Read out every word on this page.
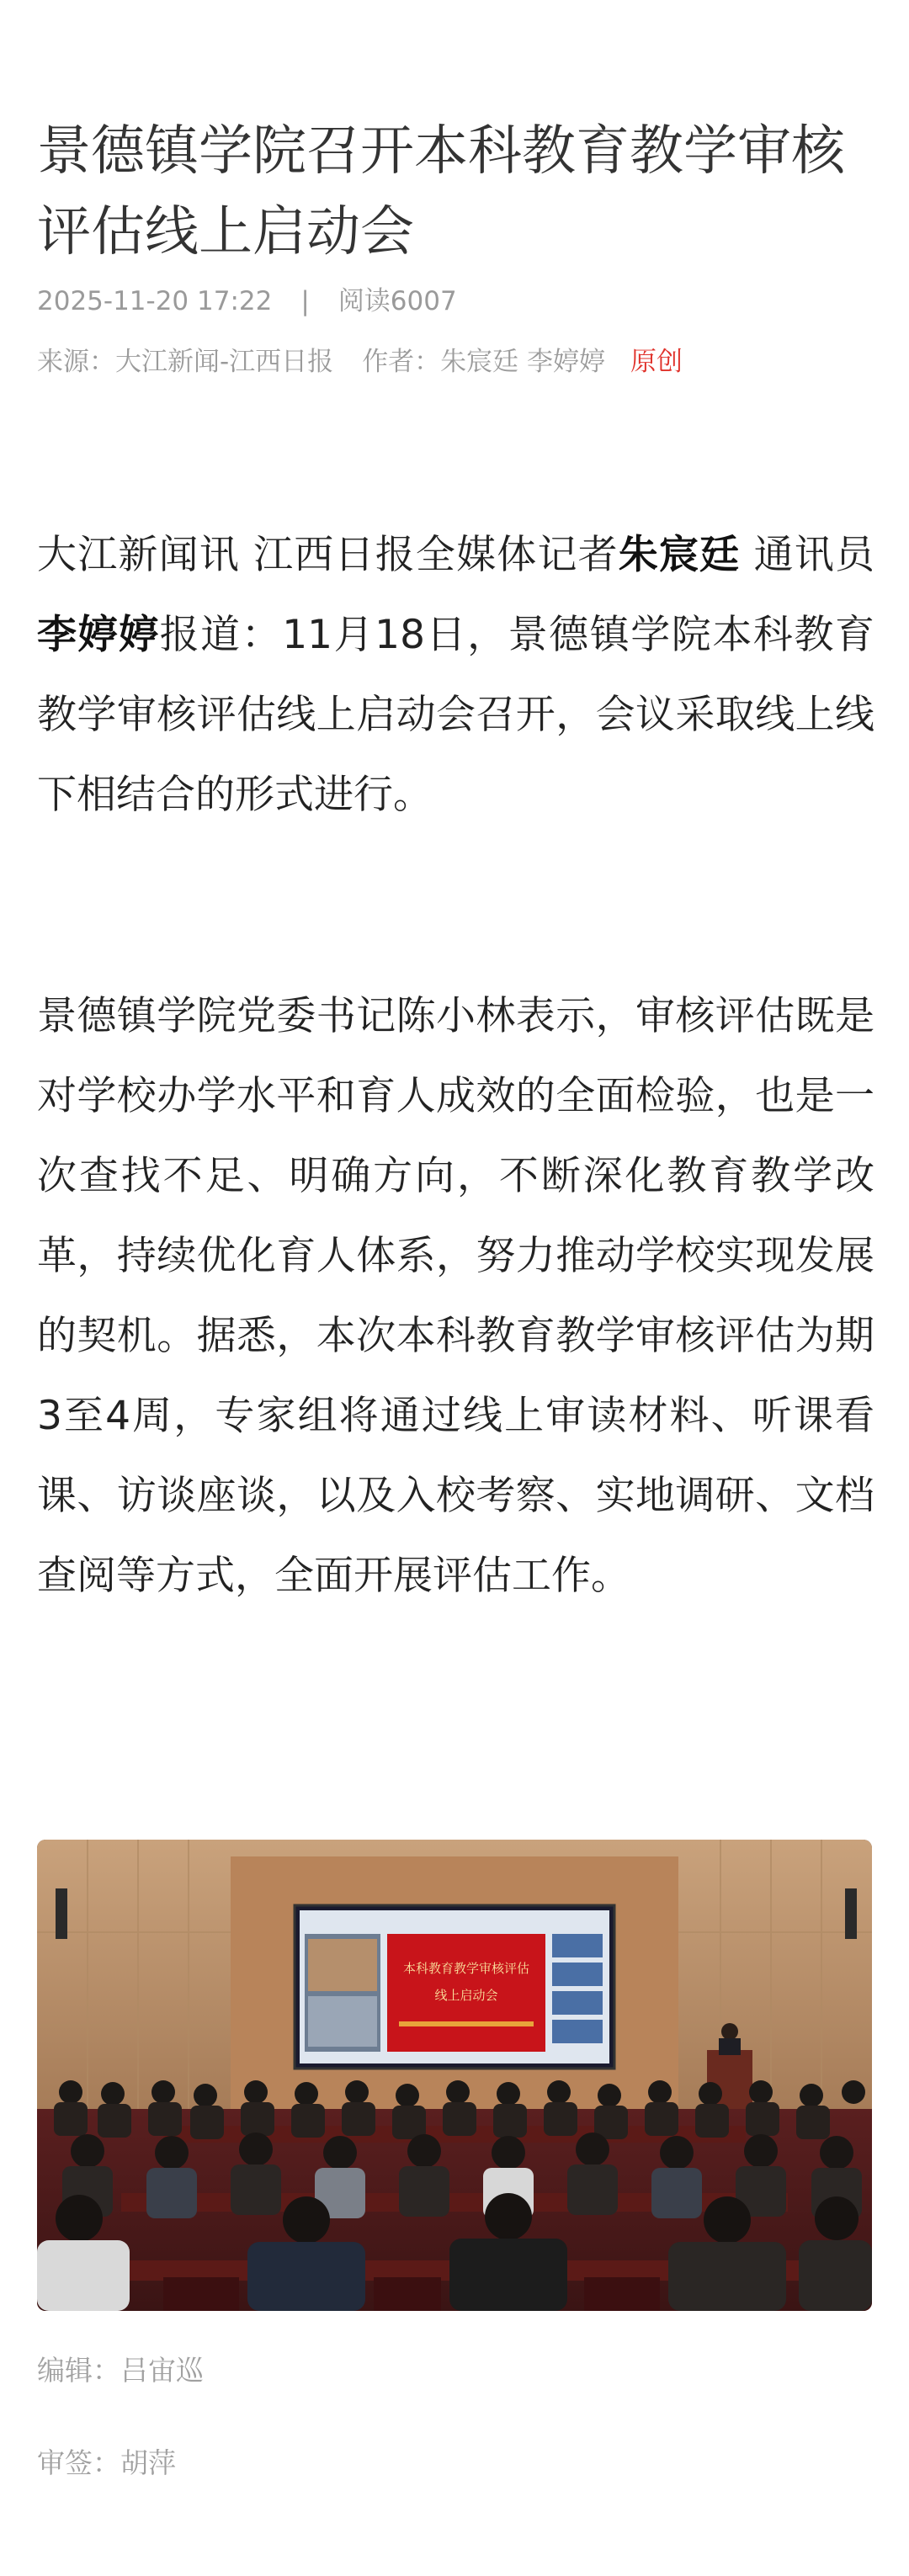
景德镇学院召开本科教育教学审核评估线上启动会
2025-11-20 17:22 | 阅读6007
来源：大江新闻-江西日报 作者：朱宸廷 李婷婷 原创

大江新闻讯 江西日报全媒体记者朱宸廷 通讯员李婷婷报道：11月18日，景德镇学院本科教育教学审核评估线上启动会召开，会议采取线上线下相结合的形式进行。

景德镇学院党委书记陈小林表示，审核评估既是对学校办学水平和育人成效的全面检验，也是一次查找不足、明确方向，不断深化教育教学改革，持续优化育人体系，努力推动学校实现发展的契机。据悉，本次本科教育教学审核评估为期3至4周，专家组将通过线上审读材料、听课看课、访谈座谈，以及入校考察、实地调研、文档查阅等方式，全面开展评估工作。

本科教育教学审核评估
线上启动会
编辑：吕宙巡
审签：胡萍
